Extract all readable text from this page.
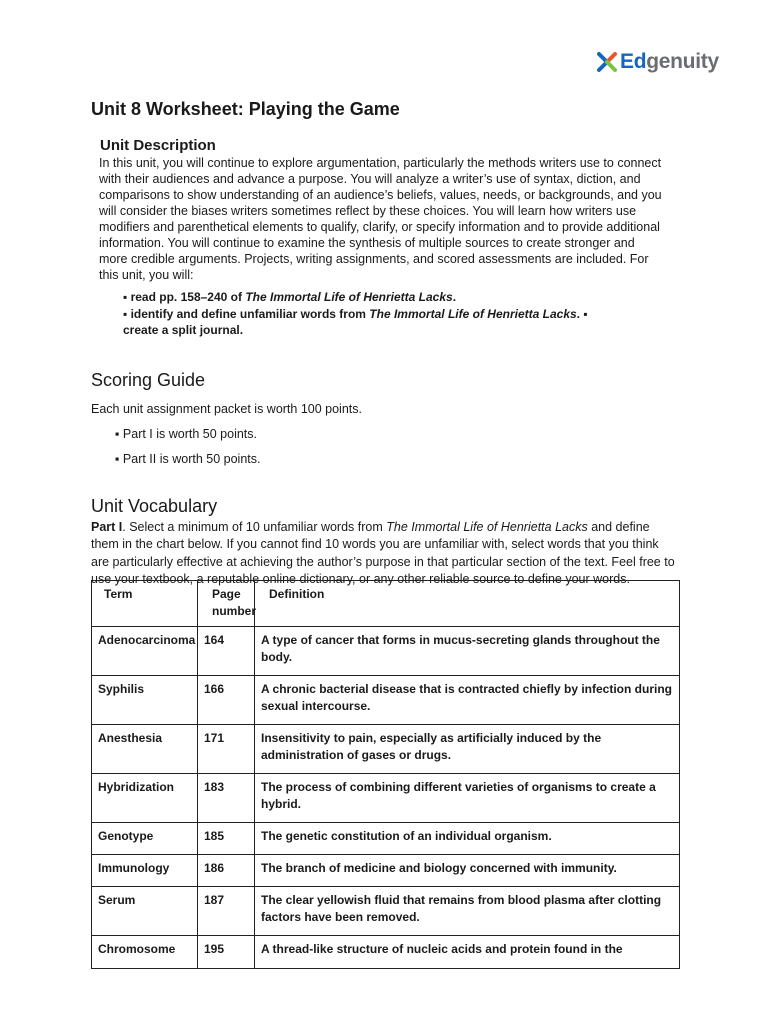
Edgenuity
Unit 8 Worksheet: Playing the Game
Unit Description

In this unit, you will continue to explore argumentation, particularly the methods writers use to connect

with their audiences and advance a purpose. You will analyze a writer’s use of syntax, diction, and

comparisons to show understanding of an audience’s beliefs, values, needs, or backgrounds, and you

will consider the biases writers sometimes reflect by these choices. You will learn how writers use

modifiers and parenthetical elements to qualify, clarify, or specify information and to provide additional

information. You will continue to examine the synthesis of multiple sources to create stronger and

more credible arguments. Projects, writing assignments, and scored assessments are included. For

this unit, you will:

▪ read pp. 158–240 of The Immortal Life of Henrietta Lacks.
▪ identify and define unfamiliar words from The Immortal Life of Henrietta Lacks. ▪
create a split journal.
Scoring Guide

Each unit assignment packet is worth 100 points.

▪ Part I is worth 50 points.
▪ Part II is worth 50 points.
Unit Vocabulary
Part I. Select a minimum of 10 unfamiliar words from The Immortal Life of Henrietta Lacks and define
them in the chart below. If you cannot find 10 words you are unfamiliar with, select words that you think
are particularly effective at achieving the author’s purpose in that particular section of the text. Feel free to
use your textbook, a reputable online dictionary, or any other reliable source to define your words.
Term	Page number	Definition
Adenocarcinoma	164	A type of cancer that forms in mucus-secreting glands throughout the body.
Syphilis	166	A chronic bacterial disease that is contracted chiefly by infection during sexual intercourse.
Anesthesia	171	Insensitivity to pain, especially as artificially induced by the administration of gases or drugs.
Hybridization	183	The process of combining different varieties of organisms to create a hybrid.
Genotype	185	The genetic constitution of an individual organism.
Immunology	186	The branch of medicine and biology concerned with immunity.
Serum	187	The clear yellowish fluid that remains from blood plasma after clotting factors have been removed.
Chromosome	195	A thread-like structure of nucleic acids and protein found in the
